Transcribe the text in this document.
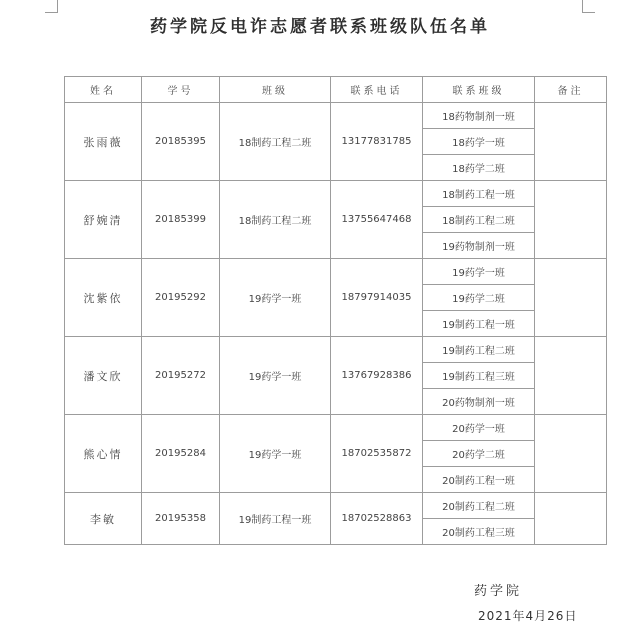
药学院反电诈志愿者联系班级队伍名单
姓名	学号	班级	联系电话	联系班级	备注
张雨薇	20185395	18制药工程二班	13177831785	18药物制剂一班	
				18药学一班	
				18药学二班	
舒婉清	20185399	18制药工程二班	13755647468	18制药工程一班	
				18制药工程二班	
				19药物制剂一班	
沈紫依	20195292	19药学一班	18797914035	19药学一班	
				19药学二班	
				19制药工程一班	
潘文欣	20195272	19药学一班	13767928386	19制药工程二班	
				19制药工程三班	
				20药物制剂一班	
熊心情	20195284	19药学一班	18702535872	20药学一班	
				20药学二班	
				20制药工程一班	
李敏	20195358	19制药工程一班	18702528863	20制药工程二班	
				20制药工程三班	
药学院
2021年4月26日
